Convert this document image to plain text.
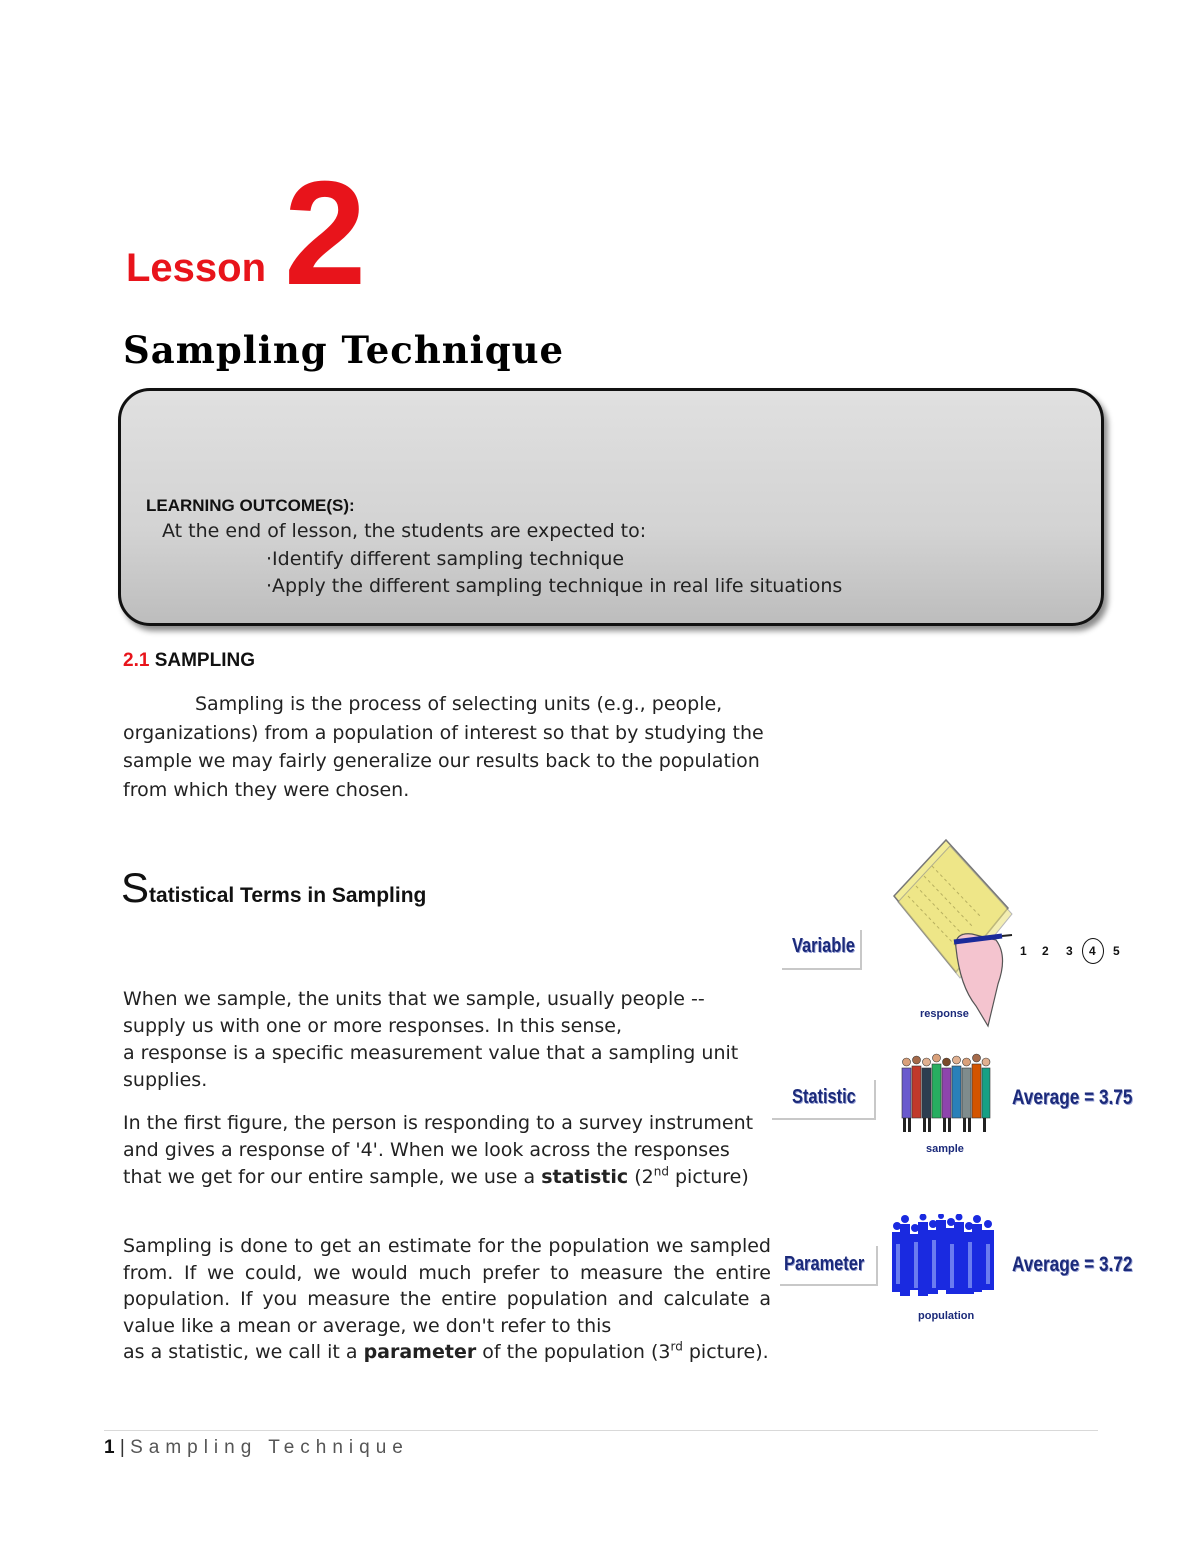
Lesson 2
Sampling Technique
LEARNING OUTCOME(S):
At the end of lesson, the students are expected to:
·Identify different sampling technique
·Apply the different sampling technique in real life situations
2.1 SAMPLING
Sampling is the process of selecting units (e.g., people, organizations) from a population of interest so that by studying the sample we may fairly generalize our results back to the population from which they were chosen.
Statistical Terms in Sampling
When we sample, the units that we sample, usually people --
supply us with one or more responses. In this sense,
a response is a specific measurement value that a sampling unit supplies.
In the first figure, the person is responding to a survey instrument and gives a response of '4'. When we look across the responses that we get for our entire sample, we use a statistic (2nd picture)
Sampling is done to get an estimate for the population we sampled from. If we could, we would much prefer to measure the entire population. If you measure the entire population and calculate a value like a mean or average, we don't refer to this
as a statistic, we call it a parameter of the population (3rd picture).
Variable
response
1 2 3 4 5
Statistic
sample
Average = 3.75
Parameter
population
Average = 3.72
1 | Sampling Technique
